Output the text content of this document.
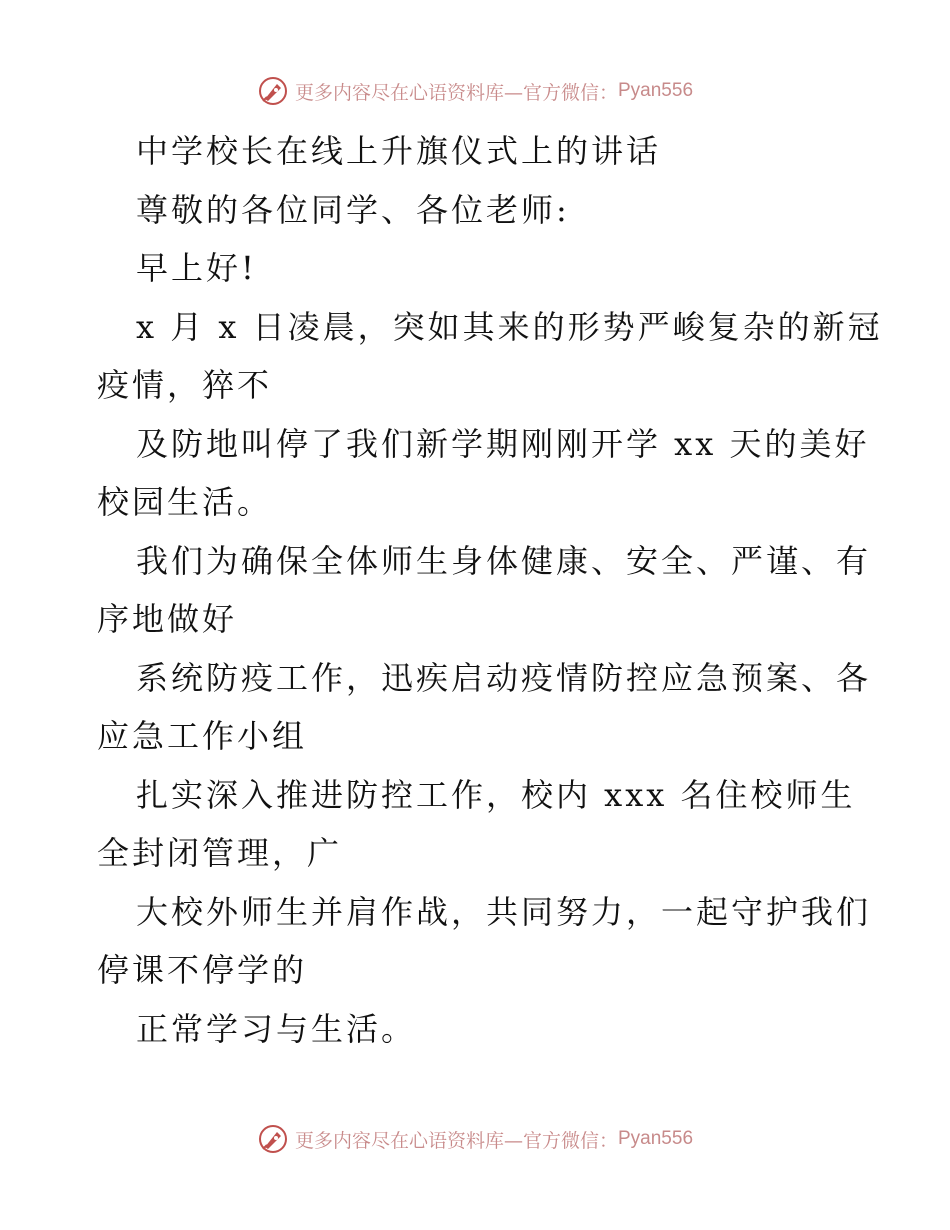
更多内容尽在心语资料库—官方微信： Pyan556
中学校长在线上升旗仪式上的讲话
尊敬的各位同学、各位老师:
早上好!
x 月 x 日凌晨，突如其来的形势严峻复杂的新冠
疫情，猝不
及防地叫停了我们新学期刚刚开学 xx 天的美好
校园生活。
我们为确保全体师生身体健康、安全、严谨、有
序地做好
系统防疫工作，迅疾启动疫情防控应急预案、各
应急工作小组
扎实深入推进防控工作，校内 xxx 名住校师生
全封闭管理，广
大校外师生并肩作战，共同努力，一起守护我们
停课不停学的
正常学习与生活。
更多内容尽在心语资料库—官方微信： Pyan556
